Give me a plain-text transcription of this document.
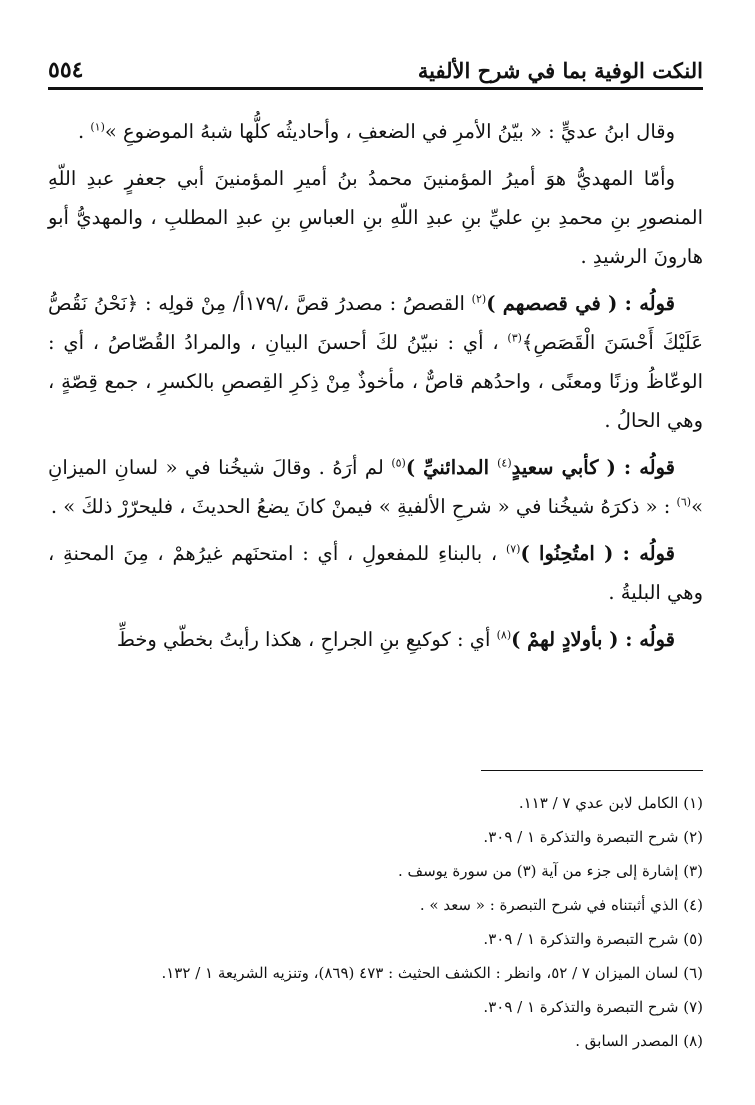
النكت الوفية بما في شرح الألفية
٥٥٤

وقال ابنُ عديٍّ : « بيّنُ الأمرِ في الضعفِ ، وأحاديثُه كلُّها شبهُ الموضوعِ »$^{(١)}$ .

وأمّا المهديُّ هوَ أميرُ المؤمنينَ محمدُ بنُ أميرِ المؤمنينَ أبي جعفرٍ عبدِ اللّهِ المنصورِ بنِ محمدِ بنِ عليِّ بنِ عبدِ اللّهِ بنِ العباسِ بنِ عبدِ المطلبِ ، والمهديُّ أبو هارونَ الرشيدِ .

قولُه : ( في قصصهم )$^{(٢)}$ القصصُ : مصدرُ قصَّ ،/١٧٩أ/ مِنْ قولِه : ﴿نَحْنُ نَقُصُّ عَلَيْكَ أَحْسَنَ الْقَصَصِ﴾$^{(٣)}$ ، أي : نبيّنُ لكَ أحسنَ البيانِ ، والمرادُ القُصّاصُ ، أي : الوعّاظُ وزنًا ومعنًى ، واحدُهم قاصٌّ ، مأخوذٌ مِنْ ذِكرِ القِصصِ بالكسرِ ، جمع قِصّةٍ ، وهي الحالُ .

قولُه : ( كأبي سعيدٍ$^{(٤)}$ المدائنيِّ )$^{(٥)}$ لم أرَهُ . وقالَ شيخُنا في « لسانِ الميزانِ »$^{(٦)}$ : « ذكرَهُ شيخُنا في « شرحِ الألفيةِ » فيمنْ كانَ يضعُ الحديثَ ، فليحرّرْ ذلكَ » .

قولُه : ( امتُحِنُوا )$^{(٧)}$ ، بالبناءِ للمفعولِ ، أي : امتحنَهم غيرُهمْ ، مِنَ المحنةِ ، وهي البليةُ .

قولُه : ( بأولادٍ لهمْ )$^{(٨)}$ أي : كوكيعِ بنِ الجراحِ ، هكذا رأيتُ بخطّي وخطِّ

(١) الكامل لابن عدي ٧ / ١١٣.
(٢) شرح التبصرة والتذكرة ١ / ٣٠٩.
(٣) إشارة إلى جزء من آية (٣) من سورة يوسف .
(٤) الذي أثبتناه في شرح التبصرة : « سعد » .
(٥) شرح التبصرة والتذكرة ١ / ٣٠٩.
(٦) لسان الميزان ٧ / ٥٢، وانظر : الكشف الحثيث : ٤٧٣ (٨٦٩)، وتنزيه الشريعة ١ / ١٣٢.
(٧) شرح التبصرة والتذكرة ١ / ٣٠٩.
(٨) المصدر السابق .
